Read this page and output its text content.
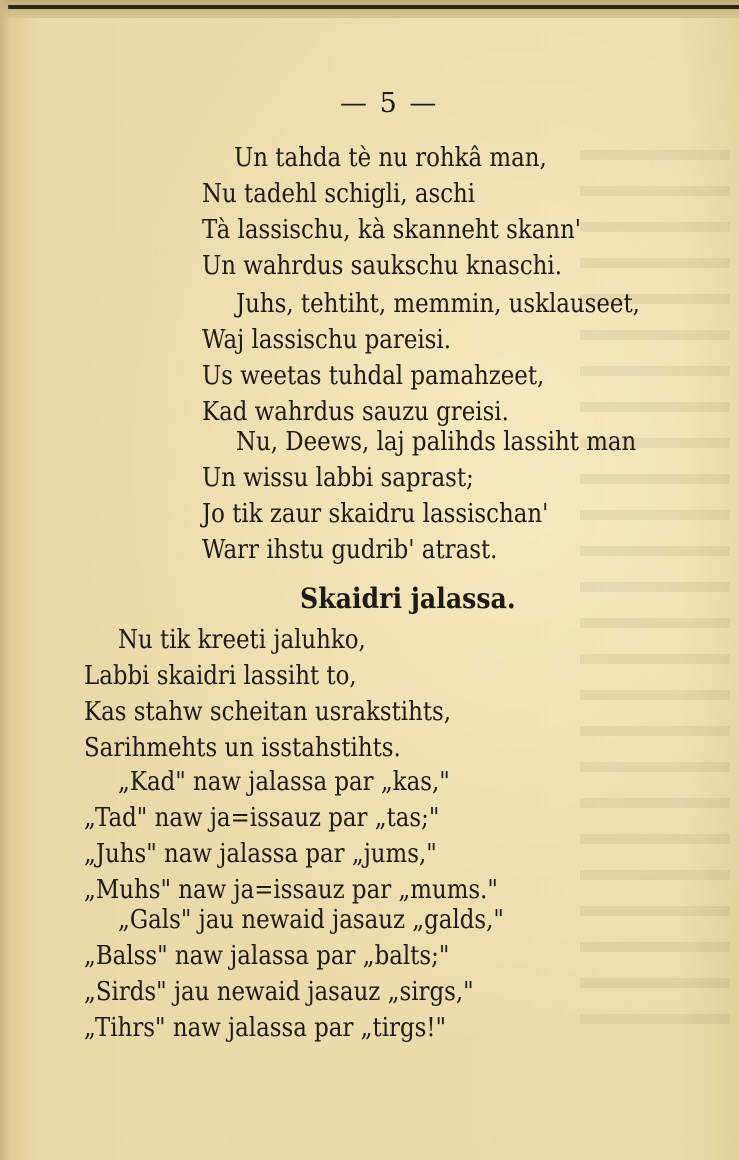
— 5 —
Un tahda tè nu rohkâ man,
Nu tadehl schigli, aschi
Tà lassischu, kà skanneht skann'
Un wahrdus saukschu knaschi.
Juhs, tehtiht, memmin, usklauseet,
Waj lassischu pareisi.
Us weetas tuhdal pamahzeet,
Kad wahrdus sauzu greisi.
Nu, Deews, laj palihds lassiht man
Un wissu labbi saprast;
Jo tik zaur skaidru lassischan'
Warr ihstu gudrib' atrast.
Skaidri jalassa.
Nu tik kreeti jaluhko,
Labbi skaidri lassiht to,
Kas stahw scheitan usrakstihts,
Sarihmehts un isstahstihts.
„Kad" naw jalassa par „kas,"
„Tad" naw ja=issauz par „tas;"
„Juhs" naw jalassa par „jums,"
„Muhs" naw ja=issauz par „mums."
„Gals" jau newaid jasauz „galds,"
„Balss" naw jalassa par „balts;"
„Sirds" jau newaid jasauz „sirgs,"
„Tihrs" naw jalassa par „tirgs!"
